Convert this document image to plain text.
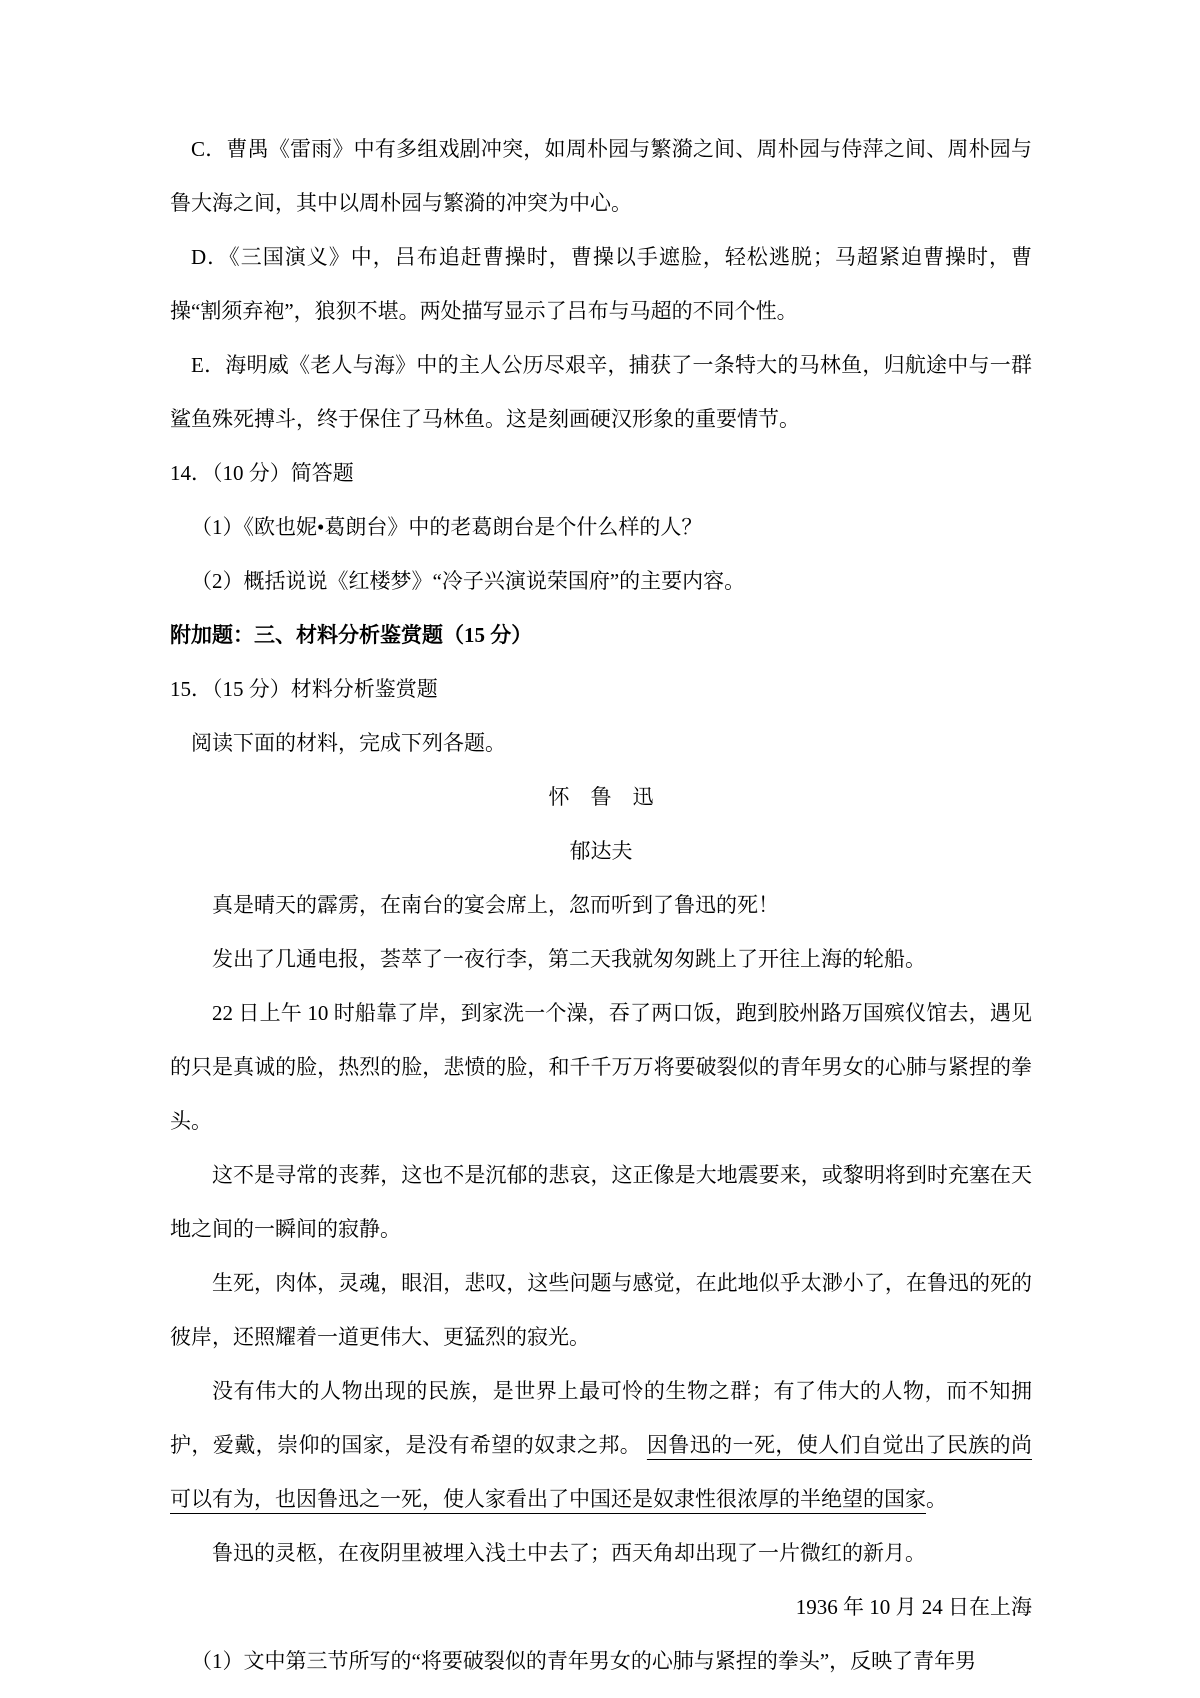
C．曹禺《雷雨》中有多组戏剧冲突，如周朴园与繁漪之间、周朴园与侍萍之间、周朴园与鲁大海之间，其中以周朴园与繁漪的冲突为中心。

D．《三国演义》中，吕布追赶曹操时，曹操以手遮脸，轻松逃脱；马超紧迫曹操时，曹操“割须弃袍”，狼狈不堪。两处描写显示了吕布与马超的不同个性。

E．海明威《老人与海》中的主人公历尽艰辛，捕获了一条特大的马林鱼，归航途中与一群鲨鱼殊死搏斗，终于保住了马林鱼。这是刻画硬汉形象的重要情节。

14．（10 分）简答题

（1）《欧也妮•葛朗台》中的老葛朗台是个什么样的人？

（2）概括说说《红楼梦》“冷子兴演说荣国府”的主要内容。

附加题：三、材料分析鉴赏题（15 分）

15．（15 分）材料分析鉴赏题

阅读下面的材料，完成下列各题。

怀　鲁　迅

郁达夫

真是晴天的霹雳，在南台的宴会席上，忽而听到了鲁迅的死！

发出了几通电报，荟萃了一夜行李，第二天我就匆匆跳上了开往上海的轮船。

22 日上午 10 时船靠了岸，到家洗一个澡，吞了两口饭，跑到胶州路万国殡仪馆去，遇见的只是真诚的脸，热烈的脸，悲愤的脸，和千千万万将要破裂似的青年男女的心肺与紧捏的拳头。

这不是寻常的丧葬，这也不是沉郁的悲哀，这正像是大地震要来，或黎明将到时充塞在天地之间的一瞬间的寂静。

生死，肉体，灵魂，眼泪，悲叹，这些问题与感觉，在此地似乎太渺小了，在鲁迅的死的彼岸，还照耀着一道更伟大、更猛烈的寂光。

没有伟大的人物出现的民族，是世界上最可怜的生物之群；有了伟大的人物，而不知拥护，爱戴，崇仰的国家，是没有希望的奴隶之邦。 因鲁迅的一死，使人们自觉出了民族的尚可以有为，也因鲁迅之一死，使人家看出了中国还是奴隶性很浓厚的半绝望的国家。

鲁迅的灵柩，在夜阴里被埋入浅土中去了；西天角却出现了一片微红的新月。

1936 年 10 月 24 日在上海

（1）文中第三节所写的“将要破裂似的青年男女的心肺与紧捏的拳头”，反映了青年男
